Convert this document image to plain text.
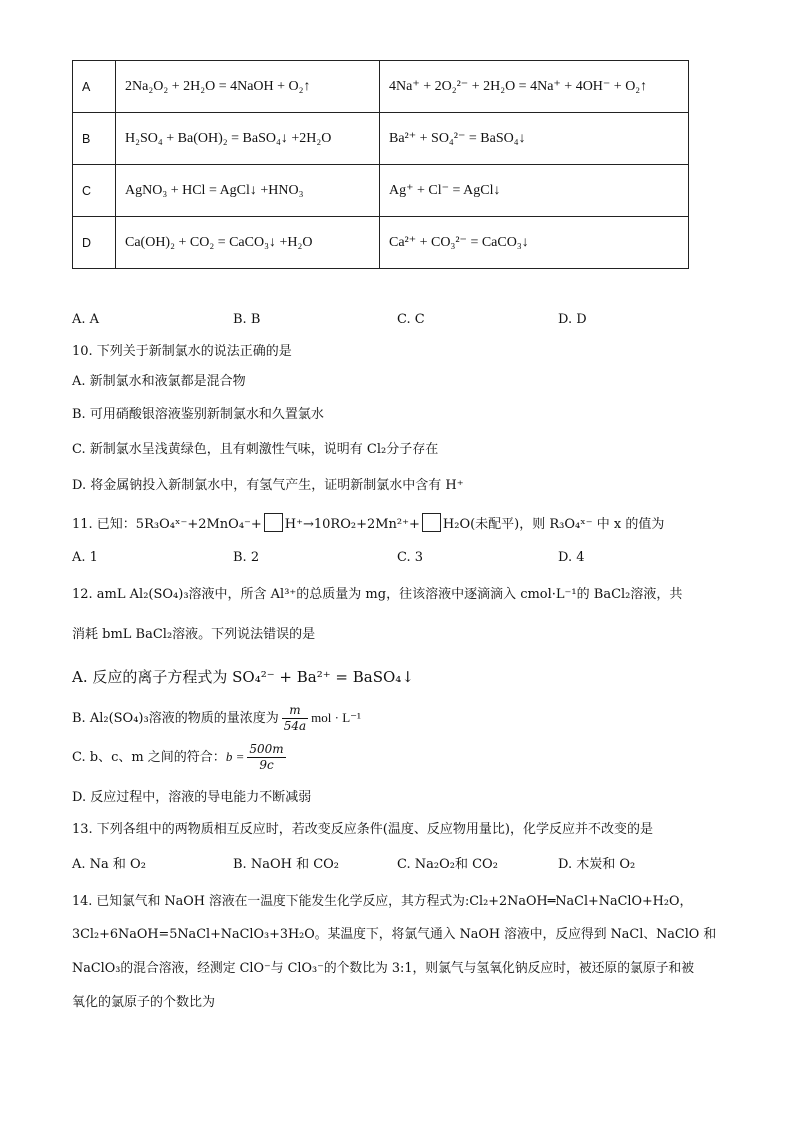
A	2Na₂O₂ + 2H₂O = 4NaOH + O₂↑	4Na⁺ + 2O₂²⁻ + 2H₂O = 4Na⁺ + 4OH⁻ + O₂↑
B	H₂SO₄ + Ba(OH)₂ = BaSO₄↓ +2H₂O	Ba²⁺ + SO₄²⁻ = BaSO₄↓
C	AgNO₃ + HCl = AgCl↓ +HNO₃	Ag⁺ + Cl⁻ = AgCl↓
D	Ca(OH)₂ + CO₂ = CaCO₃↓ +H₂O	Ca²⁺ + CO₃²⁻ = CaCO₃↓
A. A	B. B	C. C	D. D
10. 下列关于新制氯水的说法正确的是
A. 新制氯水和液氯都是混合物
B. 可用硝酸银溶液鉴别新制氯水和久置氯水
C. 新制氯水呈浅黄绿色，且有刺激性气味，说明有 Cl₂分子存在
D. 将金属钠投入新制氯水中，有氢气产生，证明新制氯水中含有 H⁺
11. 已知：5R₃O₄ˣ⁻+2MnO₄⁻+ H⁺→10RO₂+2Mn²⁺+ H₂O(未配平)，则 R₃O₄ˣ⁻ 中 x 的值为
A. 1	B. 2	C. 3	D. 4
12. amL Al₂(SO₄)₃溶液中，所含 Al³⁺的总质量为 mg，往该溶液中逐滴滴入 cmol·L⁻¹的 BaCl₂溶液，共
消耗 bmL BaCl₂溶液。下列说法错误的是
A. 反应的离子方程式为 SO₄²⁻ + Ba²⁺ = BaSO₄↓
B. Al₂(SO₄)₃溶液的物质的量浓度为 $\frac{m}{54a}$ mol · L⁻¹
C. b、c、m 之间的符合：$b = \frac{500m}{9c}$
D. 反应过程中，溶液的导电能力不断减弱
13. 下列各组中的两物质相互反应时，若改变反应条件(温度、反应物用量比)，化学反应并不改变的是
A. Na 和 O₂	B. NaOH 和 CO₂	C. Na₂O₂和 CO₂	D. 木炭和 O₂
14. 已知氯气和 NaOH 溶液在一温度下能发生化学反应，其方程式为:Cl₂+2NaOH═NaCl+NaClO+H₂O，
3Cl₂+6NaOH=5NaCl+NaClO₃+3H₂O。某温度下，将氯气通入 NaOH 溶液中，反应得到 NaCl、NaClO 和
NaClO₃的混合溶液，经测定 ClO⁻与 ClO₃⁻的个数比为 3:1，则氯气与氢氧化钠反应时，被还原的氯原子和被
氧化的氯原子的个数比为
